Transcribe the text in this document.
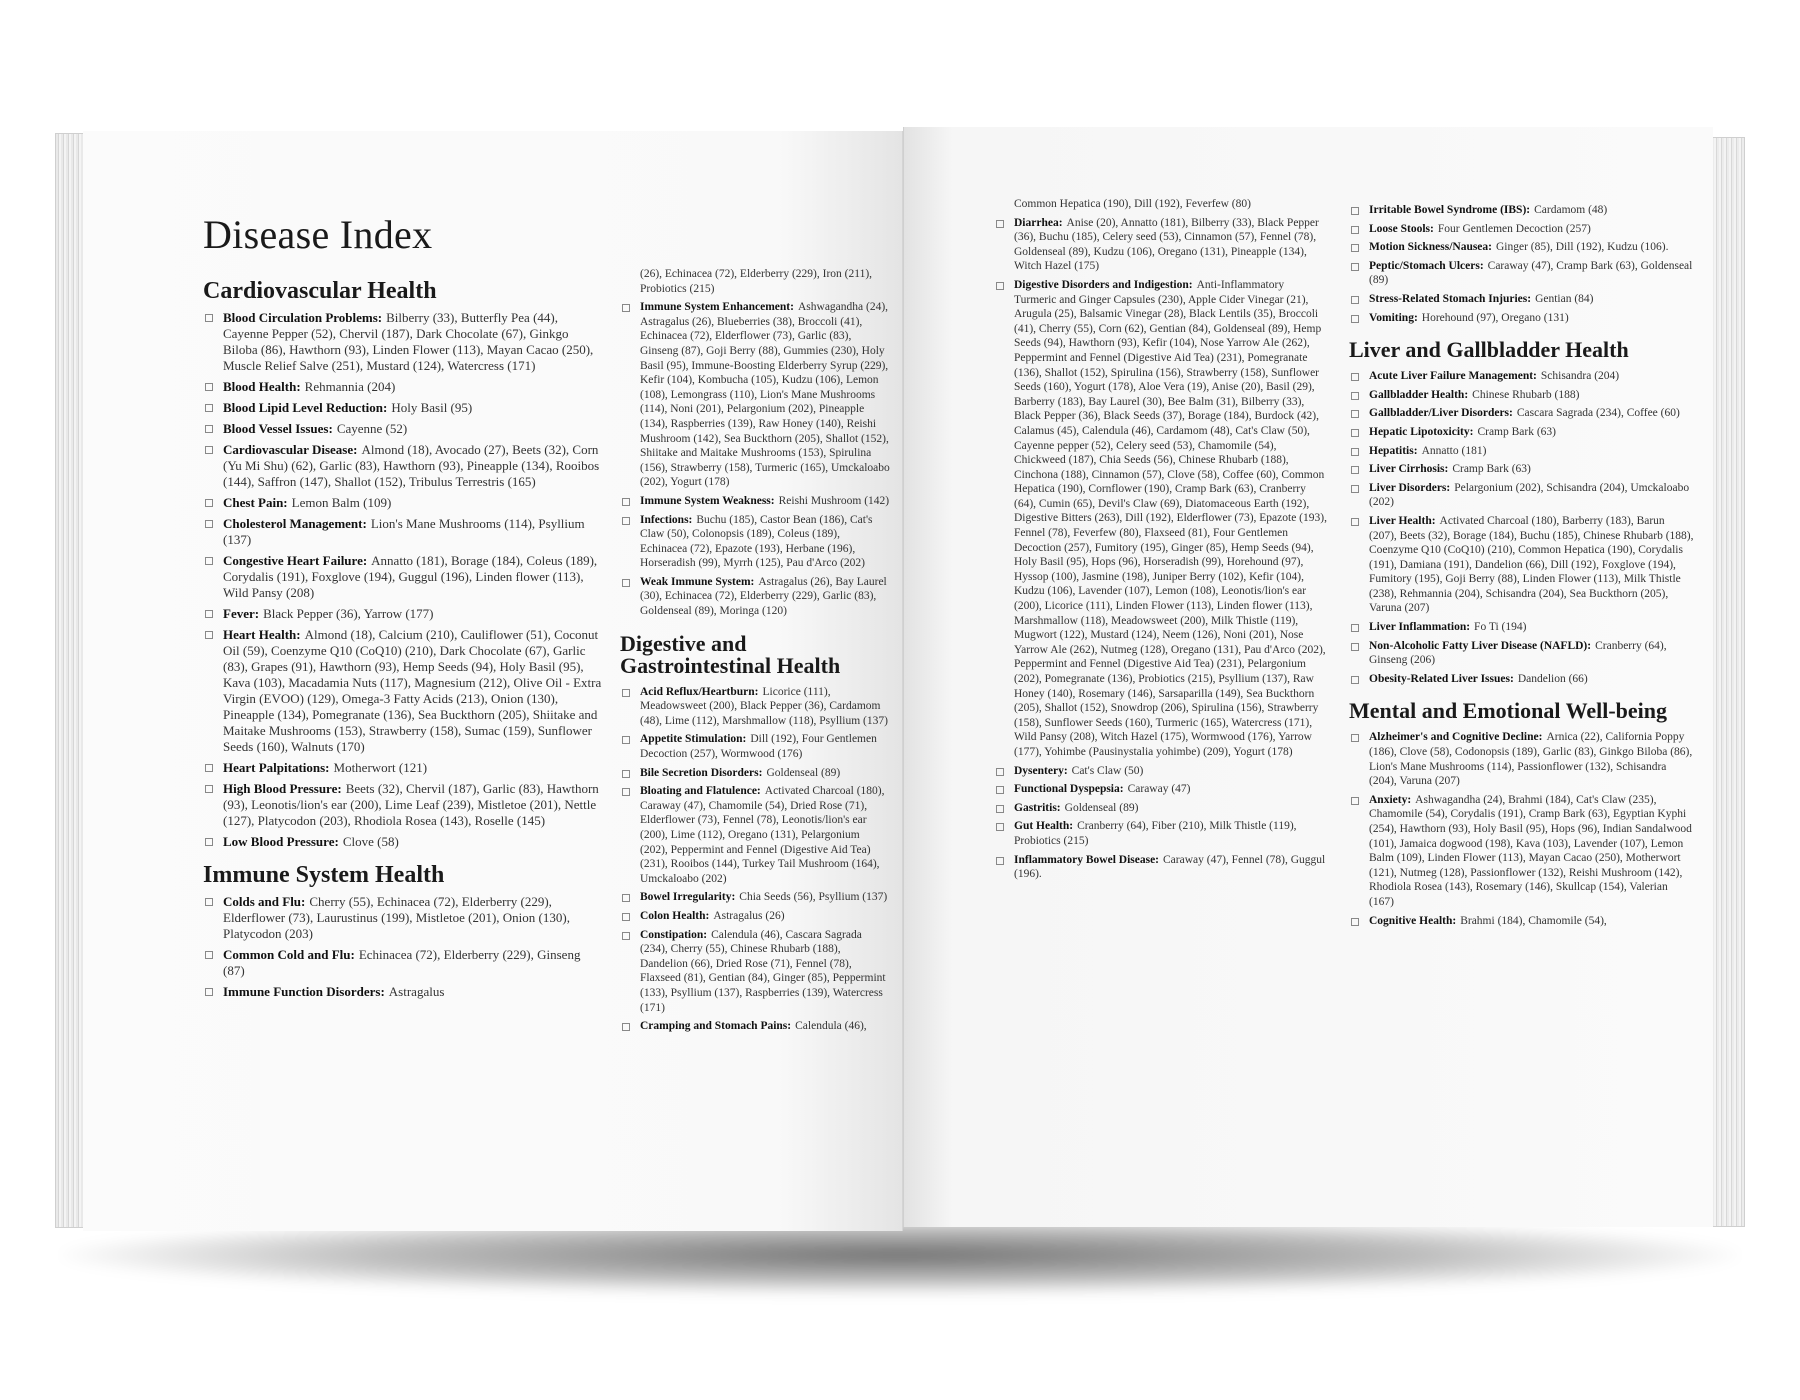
Disease Index
Cardiovascular Health
Blood Circulation Problems: Bilberry (33), Butterfly Pea (44), Cayenne Pepper (52), Chervil (187), Dark Chocolate (67), Ginkgo Biloba (86), Hawthorn (93), Linden Flower (113), Mayan Cacao (250), Muscle Relief Salve (251), Mustard (124), Watercress (171)
Blood Health: Rehmannia (204)
Blood Lipid Level Reduction: Holy Basil (95)
Blood Vessel Issues: Cayenne (52)
Cardiovascular Disease: Almond (18), Avocado (27), Beets (32), Corn (Yu Mi Shu) (62), Garlic (83), Hawthorn (93), Pineapple (134), Rooibos (144), Saffron (147), Shallot (152), Tribulus Terrestris (165)
Chest Pain: Lemon Balm (109)
Cholesterol Management: Lion's Mane Mushrooms (114), Psyllium (137)
Congestive Heart Failure: Annatto (181), Borage (184), Coleus (189), Corydalis (191), Foxglove (194), Guggul (196), Linden flower (113), Wild Pansy (208)
Fever: Black Pepper (36), Yarrow (177)
Heart Health: Almond (18), Calcium (210), Cauliflower (51), Coconut Oil (59), Coenzyme Q10 (CoQ10) (210), Dark Chocolate (67), Garlic (83), Grapes (91), Hawthorn (93), Hemp Seeds (94), Holy Basil (95), Kava (103), Macadamia Nuts (117), Magnesium (212), Olive Oil - Extra Virgin (EVOO) (129), Omega-3 Fatty Acids (213), Onion (130), Pineapple (134), Pomegranate (136), Sea Buckthorn (205), Shiitake and Maitake Mushrooms (153), Strawberry (158), Sumac (159), Sunflower Seeds (160), Walnuts (170)
Heart Palpitations: Motherwort (121)
High Blood Pressure: Beets (32), Chervil (187), Garlic (83), Hawthorn (93), Leonotis/lion's ear (200), Lime Leaf (239), Mistletoe (201), Nettle (127), Platycodon (203), Rhodiola Rosea (143), Roselle (145)
Low Blood Pressure: Clove (58)
Immune System Health
Colds and Flu: Cherry (55), Echinacea (72), Elderberry (229), Elderflower (73), Laurustinus (199), Mistletoe (201), Onion (130), Platycodon (203)
Common Cold and Flu: Echinacea (72), Elderberry (229), Ginseng (87)
Immune Function Disorders: Astragalus
(26), Echinacea (72), Elderberry (229), Iron (211), Probiotics (215)
Immune System Enhancement: Ashwagandha (24), Astragalus (26), Blueberries (38), Broccoli (41), Echinacea (72), Elderflower (73), Garlic (83), Ginseng (87), Goji Berry (88), Gummies (230), Holy Basil (95), Immune-Boosting Elderberry Syrup (229), Kefir (104), Kombucha (105), Kudzu (106), Lemon (108), Lemongrass (110), Lion's Mane Mushrooms (114), Noni (201), Pelargonium (202), Pineapple (134), Raspberries (139), Raw Honey (140), Reishi Mushroom (142), Sea Buckthorn (205), Shallot (152), Shiitake and Maitake Mushrooms (153), Spirulina (156), Strawberry (158), Turmeric (165), Umckaloabo (202), Yogurt (178)
Immune System Weakness: Reishi Mushroom (142)
Infections: Buchu (185), Castor Bean (186), Cat's Claw (50), Colonopsis (189), Coleus (189), Echinacea (72), Epazote (193), Herbane (196), Horseradish (99), Myrrh (125), Pau d'Arco (202)
Weak Immune System: Astragalus (26), Bay Laurel (30), Echinacea (72), Elderberry (229), Garlic (83), Goldenseal (89), Moringa (120)
Digestive and Gastrointestinal Health
Acid Reflux/Heartburn: Licorice (111), Meadowsweet (200), Black Pepper (36), Cardamom (48), Lime (112), Marshmallow (118), Psyllium (137)
Appetite Stimulation: Dill (192), Four Gentlemen Decoction (257), Wormwood (176)
Bile Secretion Disorders: Goldenseal (89)
Bloating and Flatulence: Activated Charcoal (180), Caraway (47), Chamomile (54), Dried Rose (71), Elderflower (73), Fennel (78), Leonotis/lion's ear (200), Lime (112), Oregano (131), Pelargonium (202), Peppermint and Fennel (Digestive Aid Tea) (231), Rooibos (144), Turkey Tail Mushroom (164), Umckaloabo (202)
Bowel Irregularity: Chia Seeds (56), Psyllium (137)
Colon Health: Astragalus (26)
Constipation: Calendula (46), Cascara Sagrada (234), Cherry (55), Chinese Rhubarb (188), Dandelion (66), Dried Rose (71), Fennel (78), Flaxseed (81), Gentian (84), Ginger (85), Peppermint (133), Psyllium (137), Raspberries (139), Watercress (171)
Cramping and Stomach Pains: Calendula (46),
Common Hepatica (190), Dill (192), Feverfew (80)
Diarrhea: Anise (20), Annatto (181), Bilberry (33), Black Pepper (36), Buchu (185), Celery seed (53), Cinnamon (57), Fennel (78), Goldenseal (89), Kudzu (106), Oregano (131), Pineapple (134), Witch Hazel (175)
Digestive Disorders and Indigestion: Anti-Inflammatory Turmeric and Ginger Capsules (230), Apple Cider Vinegar (21), Arugula (25), Balsamic Vinegar (28), Black Lentils (35), Broccoli (41), Cherry (55), Corn (62), Gentian (84), Goldenseal (89), Hemp Seeds (94), Hawthorn (93), Kefir (104), Nose Yarrow Ale (262), Peppermint and Fennel (Digestive Aid Tea) (231), Pomegranate (136), Shallot (152), Spirulina (156), Strawberry (158), Sunflower Seeds (160), Yogurt (178), Aloe Vera (19), Anise (20), Basil (29), Barberry (183), Bay Laurel (30), Bee Balm (31), Bilberry (33), Black Pepper (36), Black Seeds (37), Borage (184), Burdock (42), Calamus (45), Calendula (46), Cardamom (48), Cat's Claw (50), Cayenne pepper (52), Celery seed (53), Chamomile (54), Chickweed (187), Chia Seeds (56), Chinese Rhubarb (188), Cinchona (188), Cinnamon (57), Clove (58), Coffee (60), Common Hepatica (190), Cornflower (190), Cramp Bark (63), Cranberry (64), Cumin (65), Devil's Claw (69), Diatomaceous Earth (192), Digestive Bitters (263), Dill (192), Elderflower (73), Epazote (193), Fennel (78), Feverfew (80), Flaxseed (81), Four Gentlemen Decoction (257), Fumitory (195), Ginger (85), Hemp Seeds (94), Holy Basil (95), Hops (96), Horseradish (99), Horehound (97), Hyssop (100), Jasmine (198), Juniper Berry (102), Kefir (104), Kudzu (106), Lavender (107), Lemon (108), Leonotis/lion's ear (200), Licorice (111), Linden Flower (113), Linden flower (113), Marshmallow (118), Meadowsweet (200), Milk Thistle (119), Mugwort (122), Mustard (124), Neem (126), Noni (201), Nose Yarrow Ale (262), Nutmeg (128), Oregano (131), Pau d'Arco (202), Peppermint and Fennel (Digestive Aid Tea) (231), Pelargonium (202), Pomegranate (136), Probiotics (215), Psyllium (137), Raw Honey (140), Rosemary (146), Sarsaparilla (149), Sea Buckthorn (205), Shallot (152), Snowdrop (206), Spirulina (156), Strawberry (158), Sunflower Seeds (160), Turmeric (165), Watercress (171), Wild Pansy (208), Witch Hazel (175), Wormwood (176), Yarrow (177), Yohimbe (Pausinystalia yohimbe) (209), Yogurt (178)
Dysentery: Cat's Claw (50)
Functional Dyspepsia: Caraway (47)
Gastritis: Goldenseal (89)
Gut Health: Cranberry (64), Fiber (210), Milk Thistle (119), Probiotics (215)
Inflammatory Bowel Disease: Caraway (47), Fennel (78), Guggul (196).
Irritable Bowel Syndrome (IBS): Cardamom (48)
Loose Stools: Four Gentlemen Decoction (257)
Motion Sickness/Nausea: Ginger (85), Dill (192), Kudzu (106).
Peptic/Stomach Ulcers: Caraway (47), Cramp Bark (63), Goldenseal (89)
Stress-Related Stomach Injuries: Gentian (84)
Vomiting: Horehound (97), Oregano (131)
Liver and Gallbladder Health
Acute Liver Failure Management: Schisandra (204)
Gallbladder Health: Chinese Rhubarb (188)
Gallbladder/Liver Disorders: Cascara Sagrada (234), Coffee (60)
Hepatic Lipotoxicity: Cramp Bark (63)
Hepatitis: Annatto (181)
Liver Cirrhosis: Cramp Bark (63)
Liver Disorders: Pelargonium (202), Schisandra (204), Umckaloabo (202)
Liver Health: Activated Charcoal (180), Barberry (183), Barun (207), Beets (32), Borage (184), Buchu (185), Chinese Rhubarb (188), Coenzyme Q10 (CoQ10) (210), Common Hepatica (190), Corydalis (191), Damiana (191), Dandelion (66), Dill (192), Foxglove (194), Fumitory (195), Goji Berry (88), Linden Flower (113), Milk Thistle (238), Rehmannia (204), Schisandra (204), Sea Buckthorn (205), Varuna (207)
Liver Inflammation: Fo Ti (194)
Non-Alcoholic Fatty Liver Disease (NAFLD): Cranberry (64), Ginseng (206)
Obesity-Related Liver Issues: Dandelion (66)
Mental and Emotional Well-being
Alzheimer's and Cognitive Decline: Arnica (22), California Poppy (186), Clove (58), Codonopsis (189), Garlic (83), Ginkgo Biloba (86), Lion's Mane Mushrooms (114), Passionflower (132), Schisandra (204), Varuna (207)
Anxiety: Ashwagandha (24), Brahmi (184), Cat's Claw (235), Chamomile (54), Corydalis (191), Cramp Bark (63), Egyptian Kyphi (254), Hawthorn (93), Holy Basil (95), Hops (96), Indian Sandalwood (101), Jamaica dogwood (198), Kava (103), Lavender (107), Lemon Balm (109), Linden Flower (113), Mayan Cacao (250), Motherwort (121), Nutmeg (128), Passionflower (132), Reishi Mushroom (142), Rhodiola Rosea (143), Rosemary (146), Skullcap (154), Valerian (167)
Cognitive Health: Brahmi (184), Chamomile (54),
